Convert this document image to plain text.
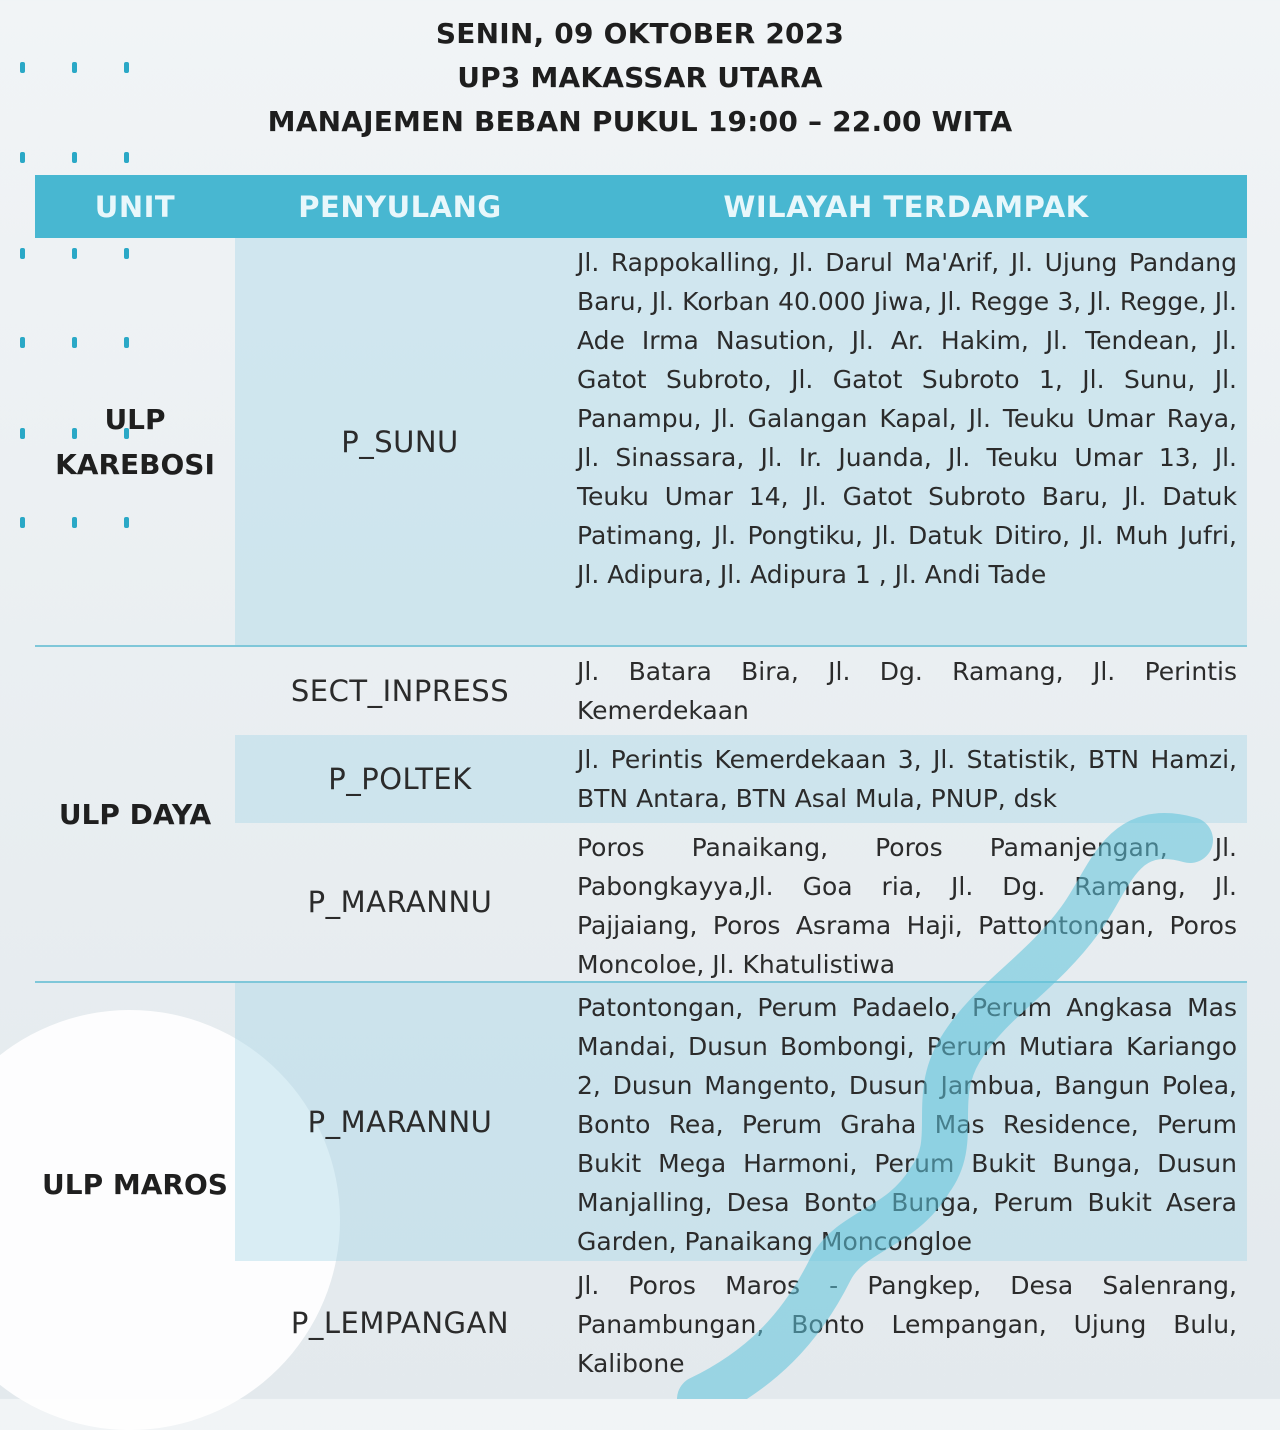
SENIN, 09 OKTOBER 2023
UP3 MAKASSAR UTARA
MANAJEMEN BEBAN PUKUL 19:00 – 22.00 WITA
UNIT	PENYULANG	WILAYAH TERDAMPAK
P_SUNU
Jl. Rappokalling, Jl. Darul Ma'Arif, Jl. Ujung Pandang Baru, Jl. Korban 40.000 Jiwa, Jl. Regge 3, Jl. Regge, Jl. Ade Irma Nasution, Jl. Ar. Hakim, Jl. Tendean, Jl. Gatot Subroto, Jl. Gatot Subroto 1, Jl. Sunu, Jl. Panampu, Jl. Galangan Kapal, Jl. Teuku Umar Raya, Jl. Sinassara, Jl. Ir. Juanda, Jl. Teuku Umar 13, Jl. Teuku Umar 14, Jl. Gatot Subroto Baru, Jl. Datuk Patimang, Jl. Pongtiku, Jl. Datuk Ditiro, Jl. Muh Jufri, Jl. Adipura, Jl. Adipura 1 , Jl. Andi Tade
ULP KAREBOSI
SECT_INPRESS
Jl. Batara Bira, Jl. Dg. Ramang, Jl. Perintis Kemerdekaan
P_POLTEK
Jl. Perintis Kemerdekaan 3, Jl. Statistik, BTN Hamzi, BTN Antara, BTN Asal Mula, PNUP, dsk
P_MARANNU
Poros Panaikang, Poros Pamanjengan, Jl. Pabongkayya,Jl. Goa ria, Jl. Dg. Ramang, Jl. Pajjaiang, Poros Asrama Haji, Pattontongan, Poros Moncoloe, Jl. Khatulistiwa
ULP DAYA
P_MARANNU
Patontongan, Perum Padaelo, Perum Angkasa Mas Mandai, Dusun Bombongi, Perum Mutiara Kariango 2, Dusun Mangento, Dusun Jambua, Bangun Polea, Bonto Rea, Perum Graha Mas Residence, Perum Bukit Mega Harmoni, Perum Bukit Bunga, Dusun Manjalling, Desa Bonto Bunga, Perum Bukit Asera Garden, Panaikang Moncongloe
P_LEMPANGAN
Jl. Poros Maros - Pangkep, Desa Salenrang, Panambungan, Bonto Lempangan, Ujung Bulu, Kalibone
ULP MAROS
